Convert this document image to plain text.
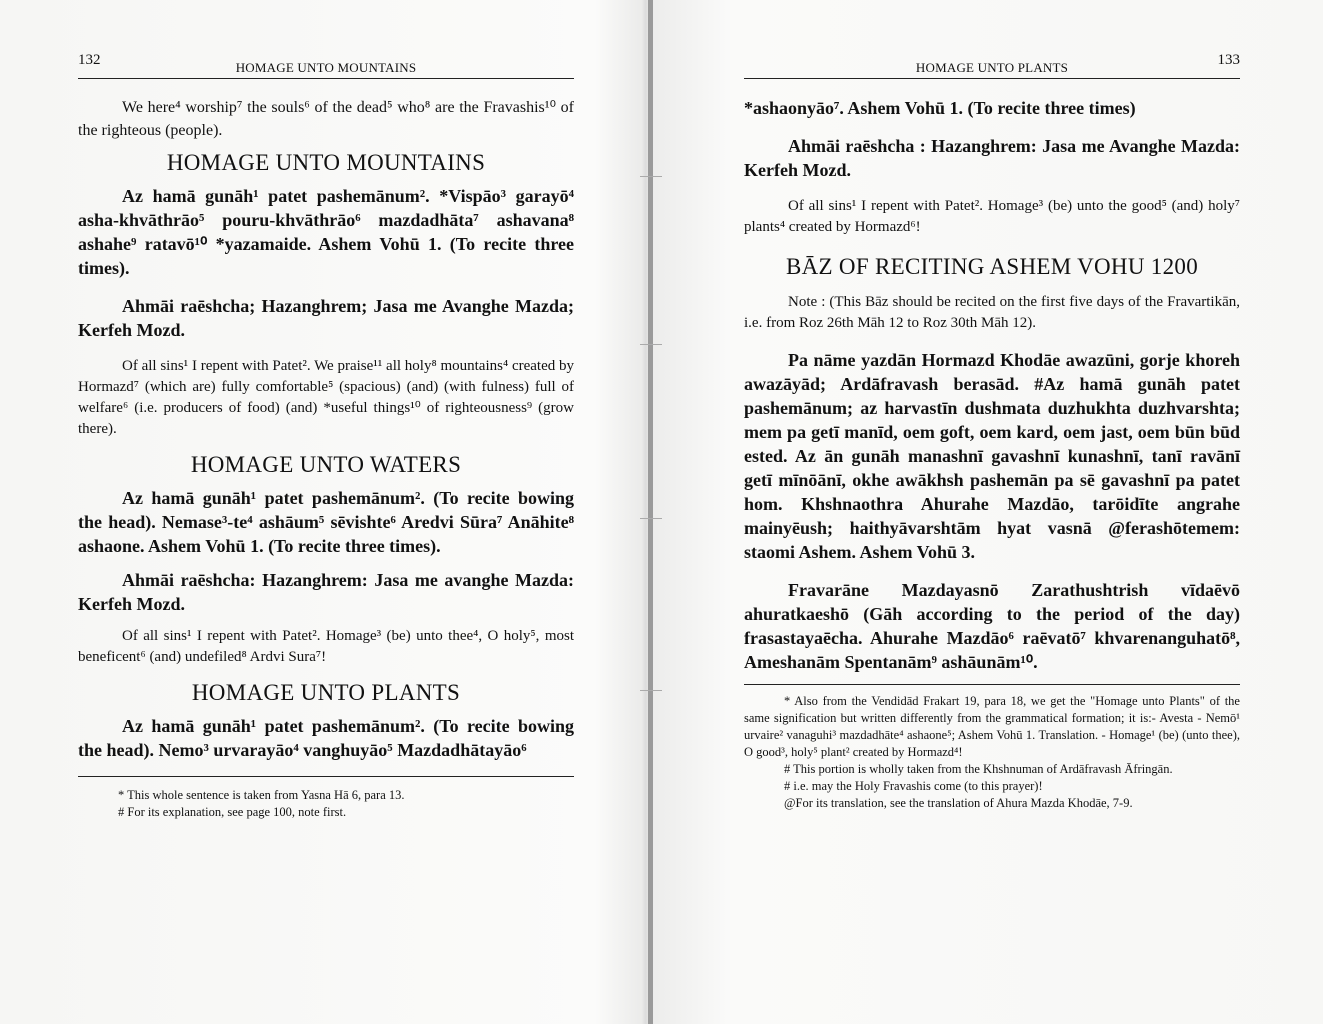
132	HOMAGE UNTO MOUNTAINS

We here⁴ worship⁷ the souls⁶ of the dead⁵ who⁸ are the Fravashis¹⁰ of the righteous (people).

HOMAGE UNTO MOUNTAINS

Az hamā gunāh¹ patet pashemānum². *Vispāo³ garayō⁴ asha-khvāthrāo⁵ pouru-khvāthrāo⁶ mazdadhāta⁷ ashavana⁸ ashahe⁹ ratavō¹⁰ *yazamaide. Ashem Vohū 1. (To recite three times).

Ahmāi raēshcha; Hazanghrem; Jasa me Avanghe Mazda; Kerfeh Mozd.

Of all sins¹ I repent with Patet². We praise¹¹ all holy⁸ mountains⁴ created by Hormazd⁷ (which are) fully comfortable⁵ (spacious) (and) (with fulness) full of welfare⁶ (i.e. producers of food) (and) *useful things¹⁰ of righteousness⁹ (grow there).

HOMAGE UNTO WATERS

Az hamā gunāh¹ patet pashemānum². (To recite bowing the head). Nemase³-te⁴ ashāum⁵ sēvishte⁶ Aredvi Sūra⁷ Anāhite⁸ ashaone. Ashem Vohū 1. (To recite three times).

Ahmāi raēshcha: Hazanghrem: Jasa me avanghe Mazda: Kerfeh Mozd.

Of all sins¹ I repent with Patet². Homage³ (be) unto thee⁴, O holy⁵, most beneficent⁶ (and) undefiled⁸ Ardvi Sura⁷!

HOMAGE UNTO PLANTS

Az hamā gunāh¹ patet pashemānum². (To recite bowing the head). Nemo³ urvarayāo⁴ vanghuyāo⁵ Mazdadhātayāo⁶

* This whole sentence is taken from Yasna Hā 6, para 13.

# For its explanation, see page 100, note first.

133
HOMAGE UNTO PLANTS

*ashaonyāo⁷. Ashem Vohū 1. (To recite three times)

Ahmāi raēshcha : Hazanghrem: Jasa me Avanghe Mazda: Kerfeh Mozd.

Of all sins¹ I repent with Patet². Homage³ (be) unto the good⁵ (and) holy⁷ plants⁴ created by Hormazd⁶!

BĀZ OF RECITING ASHEM VOHU 1200

Note : (This Bāz should be recited on the first five days of the Fravartikān, i.e. from Roz 26th Māh 12 to Roz 30th Māh 12).

Pa nāme yazdān Hormazd Khodāe awazūni, gorje khoreh awazāyād; Ardāfravash berasād. #Az hamā gunāh patet pashemānum; az harvastīn dushmata duzhukhta duzhvarshta; mem pa getī manīd, oem goft, oem kard, oem jast, oem būn būd ested. Az ān gunāh manashnī gavashnī kunashnī, tanī ravānī getī mīnōānī, okhe awākhsh pashemān pa sē gavashnī pa patet hom. Khshnaothra Ahurahe Mazdāo, tarōidīte angrahe mainyēush; haithyāvarshtām hyat vasnā @ferashōtemem: staomi Ashem. Ashem Vohū 3.

Fravarāne Mazdayasnō Zarathushtrish vīdaēvō ahuratkaeshō (Gāh according to the period of the day) frasastayaēcha. Ahurahe Mazdāo⁶ raēvatō⁷ khvarenanguhatō⁸, Ameshanām Spentanām⁹ ashāunām¹⁰.

* Also from the Vendidād Frakart 19, para 18, we get the "Homage unto Plants" of the same signification but written differently from the grammatical formation; it is:- Avesta - Nemō¹ urvaire² vanaguhi³ mazdadhāte⁴ ashaone⁵; Ashem Vohū 1. Translation. - Homage¹ (be) (unto thee), O good³, holy⁵ plant² created by Hormazd⁴!

# This portion is wholly taken from the Khshnuman of Ardāfravash Āfringān.

# i.e. may the Holy Fravashis come (to this prayer)!

@For its translation, see the translation of Ahura Mazda Khodāe, 7-9.
